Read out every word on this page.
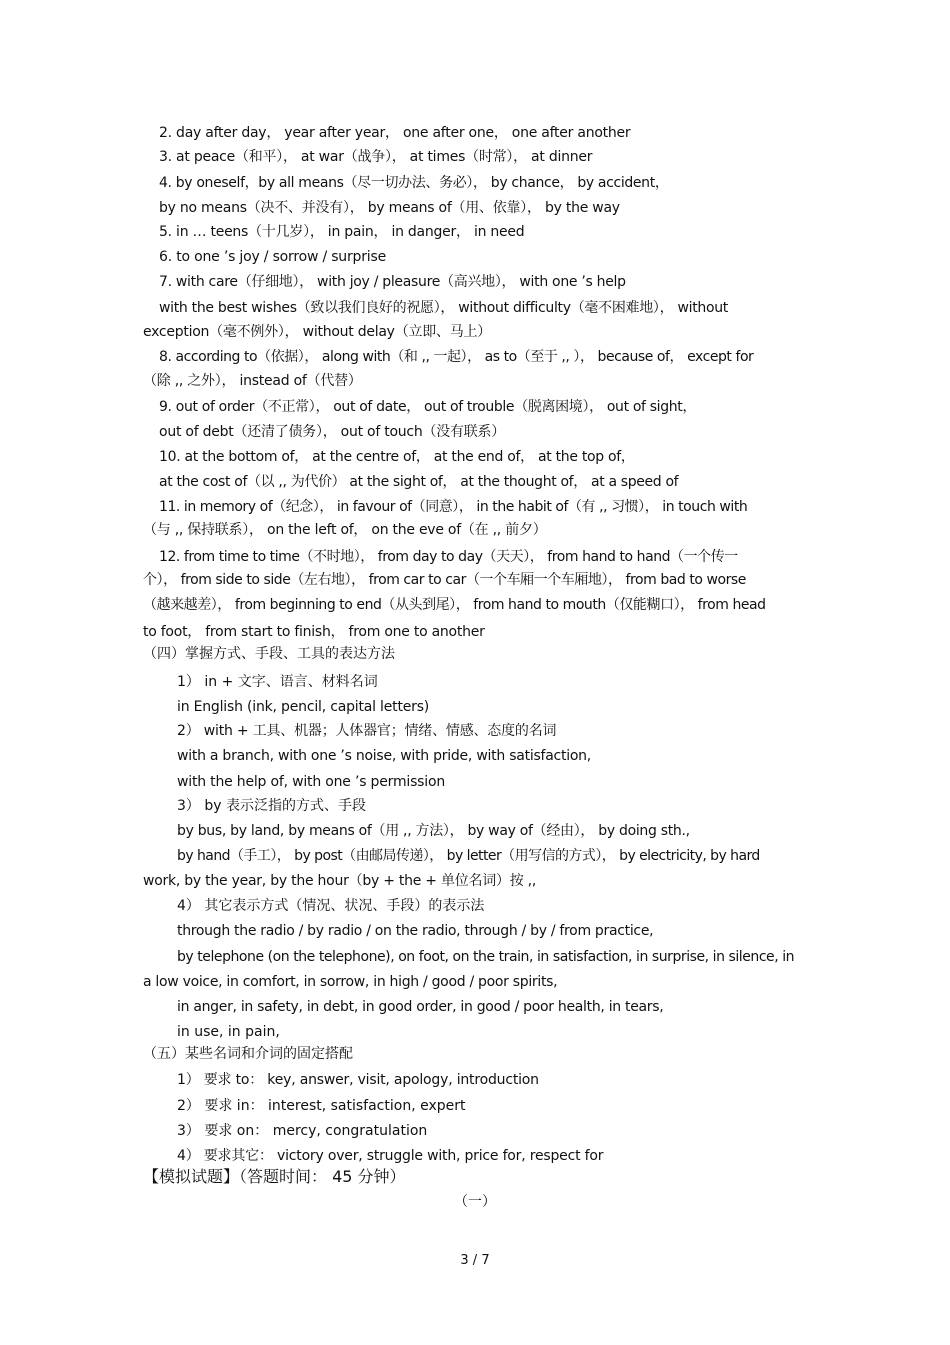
2. day after day， year after year， one after one， one after another
3. at peace（和平）， at war（战争）， at times（时常）， at dinner
4. by oneself，by all means（尽一切办法、务必）， by chance， by accident，
by no means（决不、并没有）， by means of（用、依靠）， by the way
5. in … teens（十几岁）， in pain， in danger， in need
6. to one ’s joy / sorrow / surprise
7. with care（仔细地）， with joy / pleasure（高兴地）， with one ’s help
with the best wishes（致以我们良好的祝愿）， without difficulty（毫不困难地）， without
exception（毫不例外）， without delay（立即、马上）
8. according to（依据）， along with（和 ,, 一起）， as to（至于 ,, ）， because of， except for
（除 ,, 之外）， instead of（代替）
9. out of order（不正常）， out of date， out of trouble（脱离困境）， out of sight，
out of debt（还清了债务）， out of touch（没有联系）
10. at the bottom of， at the centre of， at the end of， at the top of，
at the cost of（以 ,, 为代价） at the sight of， at the thought of， at a speed of
11. in memory of（纪念）， in favour of（同意）， in the habit of（有 ,, 习惯）， in touch with
（与 ,, 保持联系）， on the left of， on the eve of（在 ,, 前夕）
12. from time to time（不时地）， from day to day（天天）， from hand to hand（一个传一
个）， from side to side（左右地）， from car to car（一个车厢一个车厢地）， from bad to worse
（越来越差）， from beginning to end（从头到尾）， from hand to mouth（仅能糊口）， from head
to foot， from start to finish， from one to another
（四）掌握方式、手段、工具的表达方法
1） in + 文字、语言、材料名词
in English (ink, pencil, capital letters)
2） with + 工具、机器；人体器官；情绪、情感、态度的名词
with a branch, with one ’s noise, with pride, with satisfaction,
with the help of, with one ’s permission
3） by 表示泛指的方式、手段
by bus, by land, by means of（用 ,, 方法）， by way of（经由）， by doing sth.,
by hand（手工）， by post（由邮局传递）， by letter（用写信的方式）， by electricity, by hard
work, by the year, by the hour（by + the + 单位名词）按 ,,
4） 其它表示方式（情况、状况、手段）的表示法
through the radio / by radio / on the radio, through / by / from practice,
by telephone (on the telephone), on foot, on the train, in satisfaction, in surprise, in silence, in
a low voice, in comfort, in sorrow, in high / good / poor spirits,
in anger, in safety, in debt, in good order, in good / poor health, in tears,
in use, in pain,
（五）某些名词和介词的固定搭配
1） 要求 to： key, answer, visit, apology, introduction
2） 要求 in： interest, satisfaction, expert
3） 要求 on： mercy, congratulation
4） 要求其它： victory over, struggle with, price for, respect for
【模拟试题】（答题时间： 45 分钟）
（一）
3 / 7
